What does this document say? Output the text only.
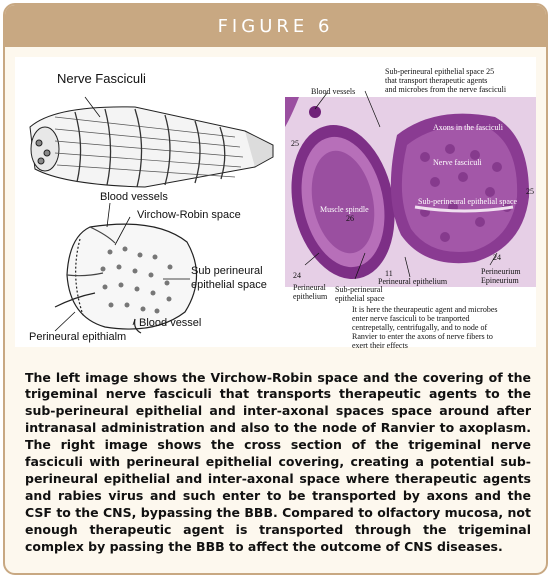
FIGURE 6
Nerve Fasciculi
Blood vessels
Virchow-Robin space
Sub perineural
epithelial space
Blood vessel
Perineural epithialm
Sub-perineural epithelial space 25
that transport therapeutic agents
and microbes from the nerve fasciculi
Blood vessels
Axons in the fasciculi
Nerve fasciculi
Sub-perineural epithelial space
Muscle spindle
25
25
26
24	11
24
Perineural
epithelium
Perineural epithelium
Perineurium
Epineurium
Sub-perineural
epithelial space
It is here the theurapeutic agent and microbes
enter nerve fasciculi to be tranported
centrepetally, centrifugally, and to node of
Ranvier to enter the axons of nerve fibers to
exert their effects

The left image shows the Virchow-Robin space and the covering of the trigeminal nerve fasciculi that transports therapeutic agents to the sub-perineural epithelial and inter-axonal spaces space around after intranasal administration and also to the node of Ranvier to axoplasm. The right image shows the cross section of the trigeminal nerve fasciculi with perineural epithelial covering, creating a potential sub-perineural epithelial and inter-axonal space where therapeutic agents and rabies virus and such enter to be transported by axons and the CSF to the CNS, bypassing the BBB. Compared to olfactory mucosa, not enough therapeutic agent is transported through the trigeminal complex by passing the BBB to affect the outcome of CNS diseases.
